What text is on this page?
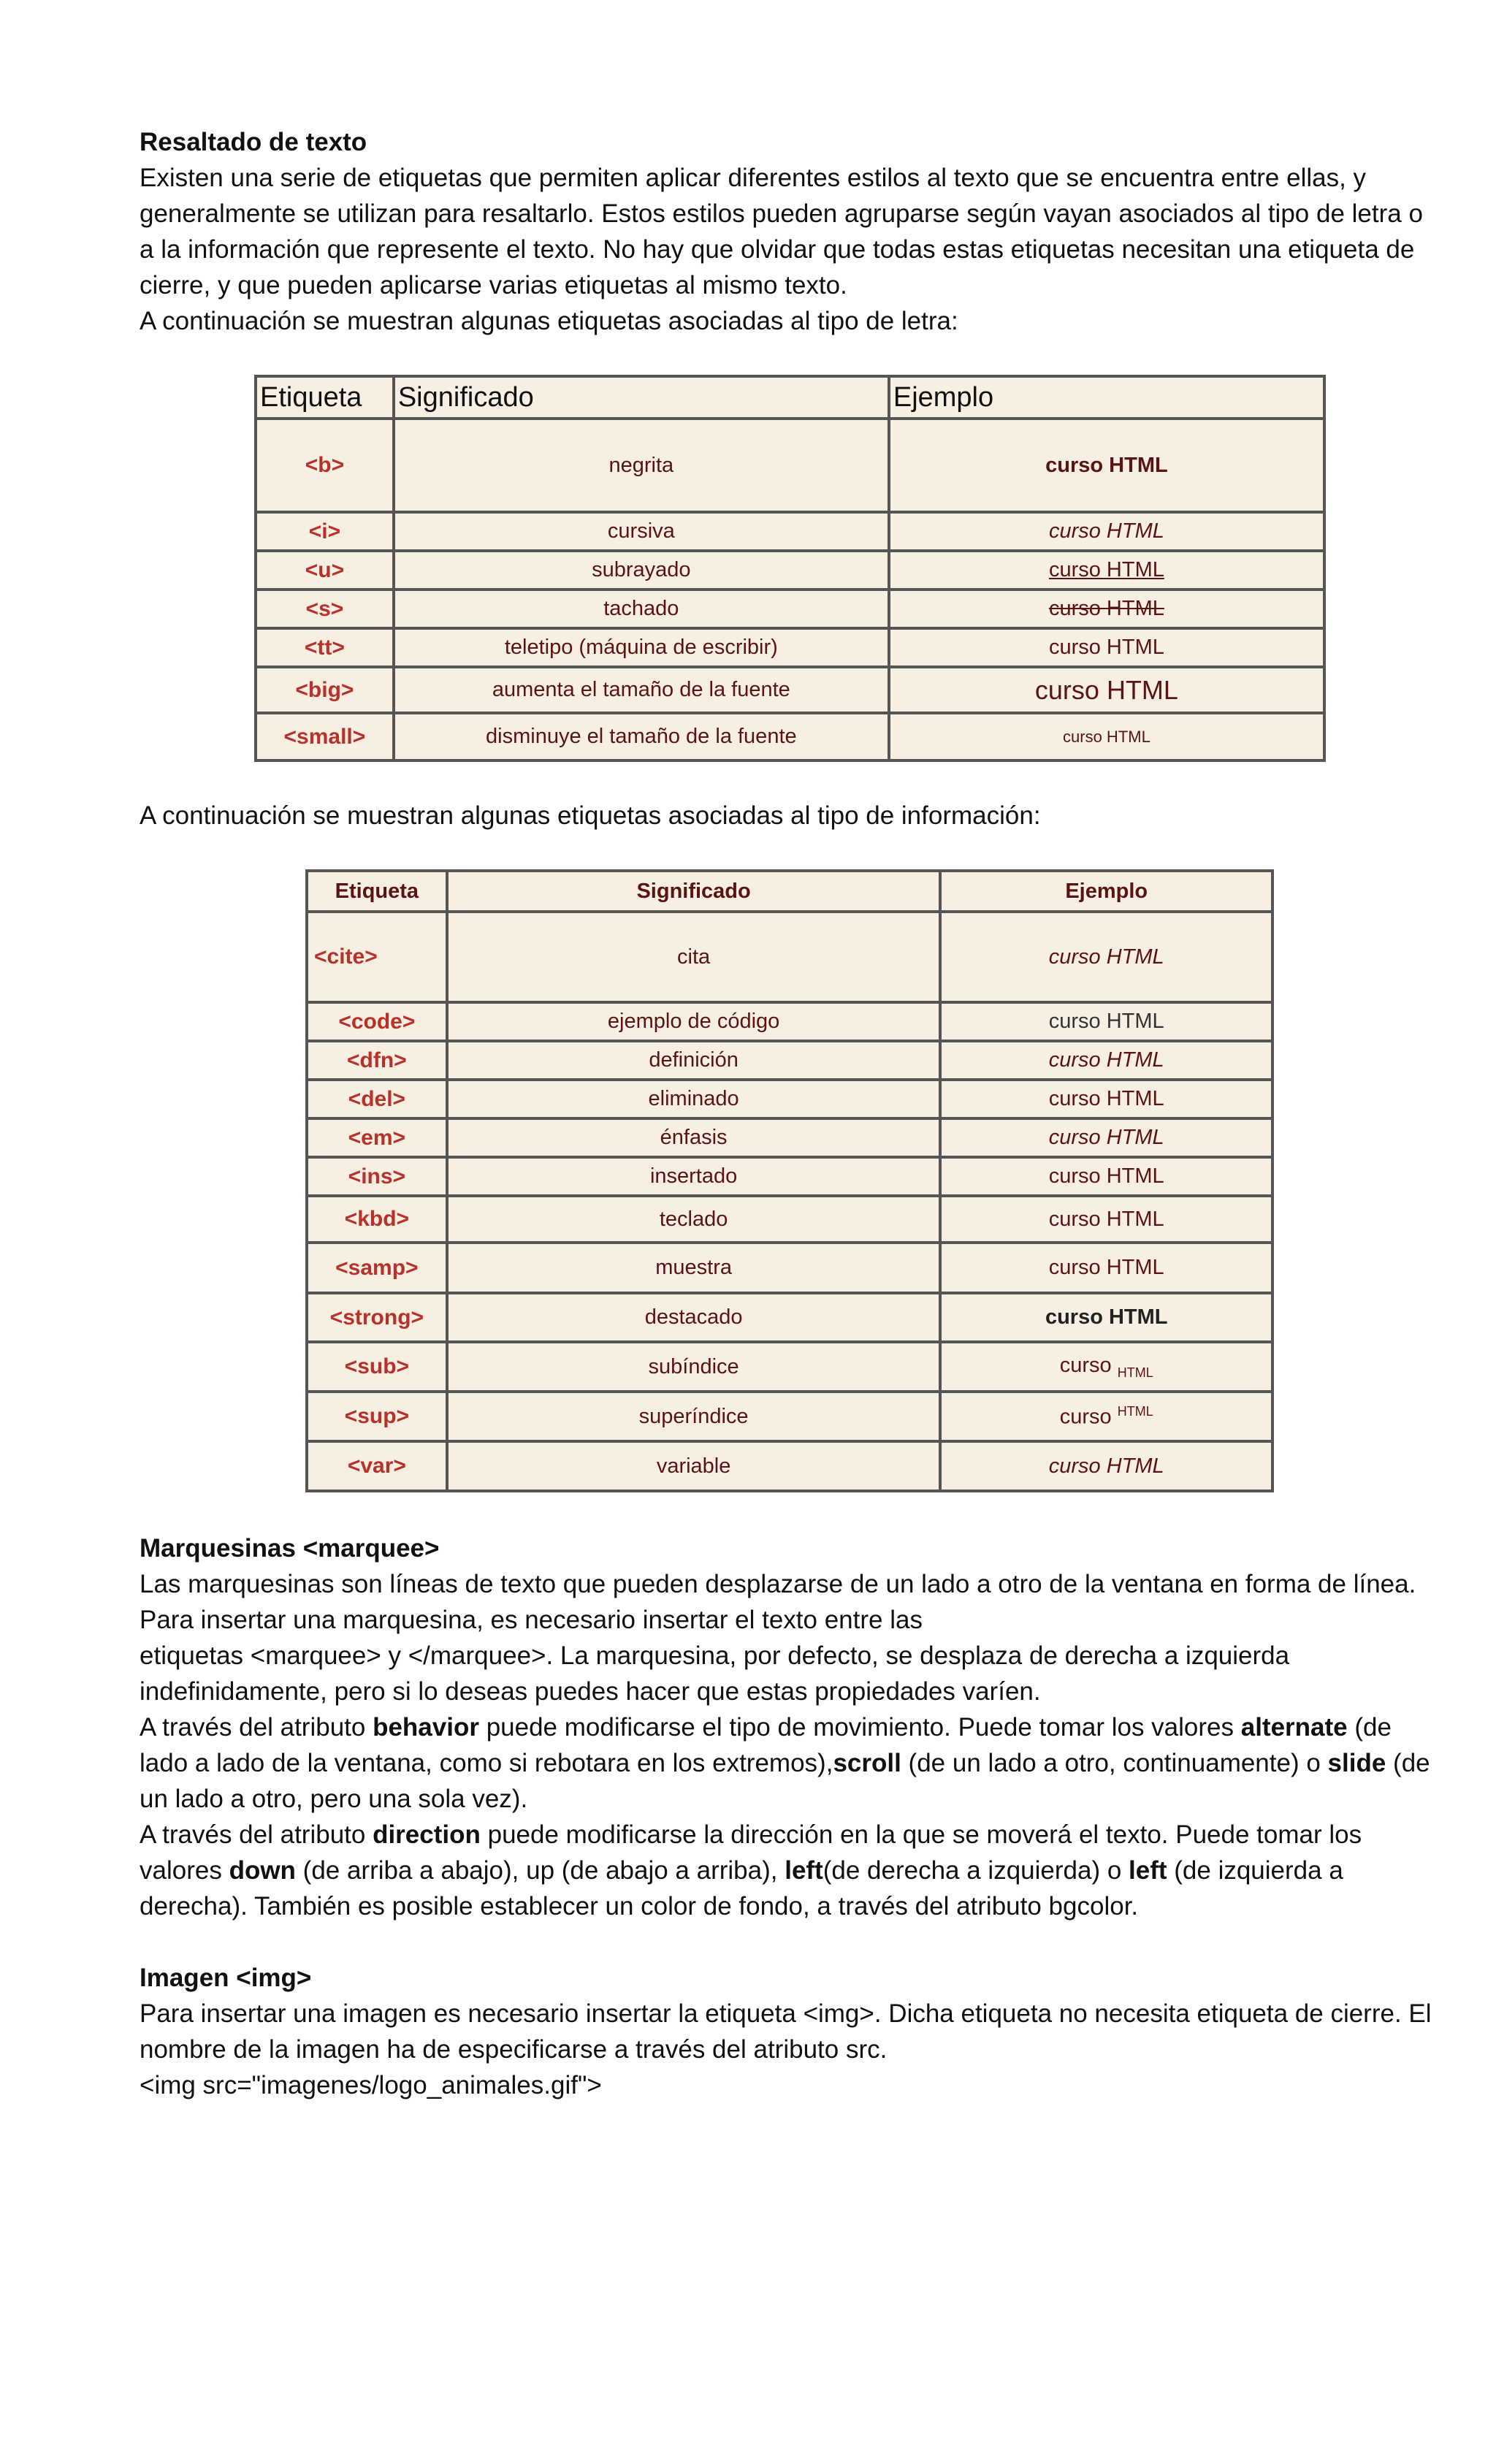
Resaltado de texto

Existen una serie de etiquetas que permiten aplicar diferentes estilos al texto que se encuentra entre ellas, y generalmente se utilizan para resaltarlo. Estos estilos pueden agruparse según vayan asociados al tipo de letra o a la información que represente el texto. No hay que olvidar que todas estas etiquetas necesitan una etiqueta de cierre, y que pueden aplicarse varias etiquetas al mismo texto.

A continuación se muestran algunas etiquetas asociadas al tipo de letra:

Etiqueta	Significado	Ejemplo
<b>	negrita	curso HTML
<i>	cursiva	curso HTML
<u>	subrayado	curso HTML
<s>	tachado	curso HTML
<tt>	teletipo (máquina de escribir)	curso HTML
<big>	aumenta el tamaño de la fuente	curso HTML
<small>	disminuye el tamaño de la fuente	curso HTML

A continuación se muestran algunas etiquetas asociadas al tipo de información:

Etiqueta	Significado	Ejemplo
<cite>	cita	curso HTML
<code>	ejemplo de código	curso HTML
<dfn>	definición	curso HTML
<del>	eliminado	curso HTML
<em>	énfasis	curso HTML
<ins>	insertado	curso HTML
<kbd>	teclado	curso HTML
<samp>	muestra	curso HTML
<strong>	destacado	curso HTML
<sub>	subíndice	curso $_{HTML}$
<sup>	superíndice	curso $^{HTML}$
<var>	variable	curso HTML

Marquesinas <marquee>

Las marquesinas son líneas de texto que pueden desplazarse de un lado a otro de la ventana en forma de línea. Para insertar una marquesina, es necesario insertar el texto entre las

etiquetas <marquee> y </marquee>. La marquesina, por defecto, se desplaza de derecha a izquierda indefinidamente, pero si lo deseas puedes hacer que estas propiedades varíen.

A través del atributo behavior puede modificarse el tipo de movimiento. Puede tomar los valores alternate (de lado a lado de la ventana, como si rebotara en los extremos),scroll (de un lado a otro, continuamente) o slide (de un lado a otro, pero una sola vez).

A través del atributo direction puede modificarse la dirección en la que se moverá el texto. Puede tomar los valores down (de arriba a abajo), up (de abajo a arriba), left(de derecha a izquierda) o left (de izquierda a derecha). También es posible establecer un color de fondo, a través del atributo bgcolor.

Imagen <img>

Para insertar una imagen es necesario insertar la etiqueta <img>. Dicha etiqueta no necesita etiqueta de cierre. El nombre de la imagen ha de especificarse a través del atributo src.

<img src="imagenes/logo_animales.gif">
